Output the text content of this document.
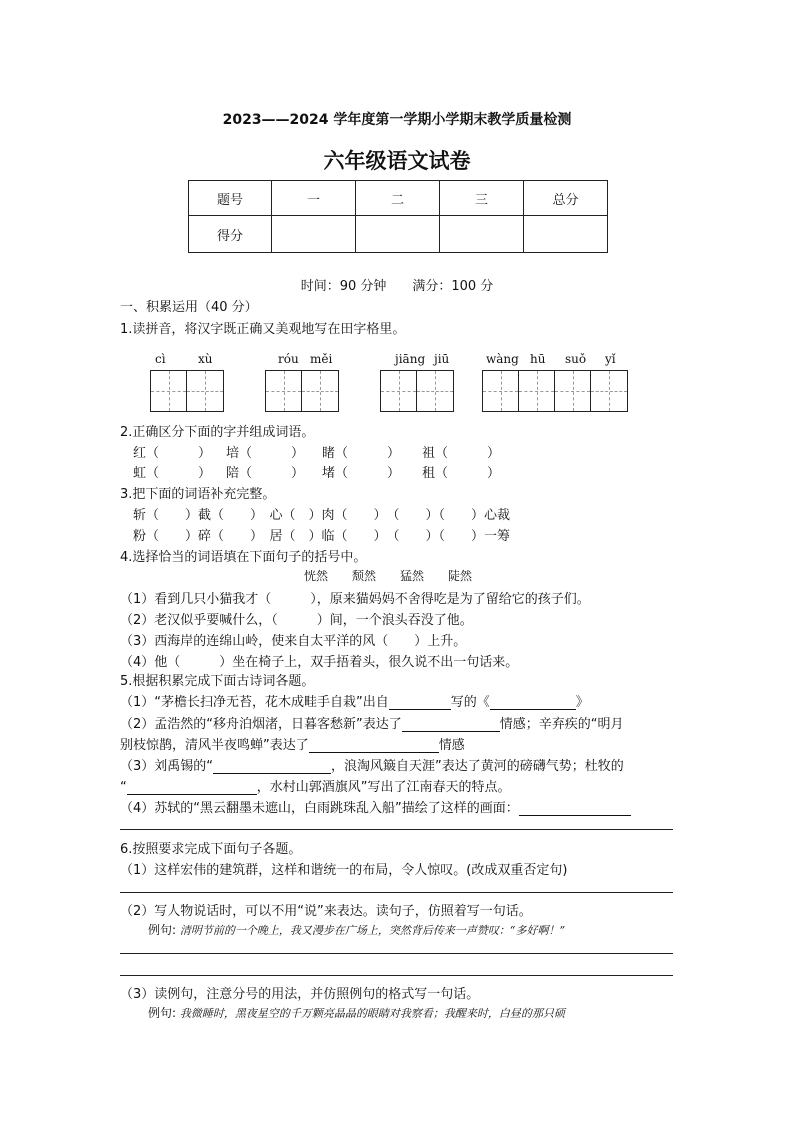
2023——2024 学年度第一学期小学期末教学质量检测
六年级语文试卷
题号	一	二	三	总分
得分				
时间：90 分钟　　满分：100 分
一、积累运用（40 分）
1.读拼音，将汉字既正确又美观地写在田字格里。
cì	xù	róu měi	jiāng jiū	wàng hū suǒ yǐ
2.正确区分下面的字并组成词语。
红（　　　） 培（　　　） 睹（　　　） 祖（　　　）
虹（　　　） 陪（　　　） 堵（　　　） 租（　　　）
3.把下面的词语补充完整。
斩（　　）截（　　）　心（　）肉（　　）　（　　）（　　）心裁
粉（　　）碎（　　）　居（　）临（　　）　（　　）（　　）一筹
4.选择恰当的词语填在下面句子的括号中。
恍然　　颓然　　猛然　　陡然
（1）看到几只小猫我才（　　　），原来猫妈妈不舍得吃是为了留给它的孩子们。
（2）老汉似乎要喊什么，（　　　）间，一个浪头吞没了他。
（3）西海岸的连绵山岭，使来自太平洋的风（　　）上升。
（4）他（　　　）坐在椅子上，双手捂着头，很久说不出一句话来。
5.根据积累完成下面古诗词各题。
（1）“茅檐长扫净无苔，花木成畦手自栽”出自	写的《	》
（2）孟浩然的“移舟泊烟渚，日暮客愁新”表达了	情感；辛弃疾的“明月
别枝惊鹊，清风半夜鸣蝉”表达了	情感
（3）刘禹锡的“	，浪淘风簸自天涯”表达了黄河的磅礴气势；杜牧的
“	，水村山郭酒旗风”写出了江南春天的特点。
（4）苏轼的“黑云翻墨未遮山，白雨跳珠乱入船”描绘了这样的画面：
6.按照要求完成下面句子各题。
（1）这样宏伟的建筑群，这样和谐统一的布局，令人惊叹。(改成双重否定句)
（2）写人物说话时，可以不用“说”来表达。读句子，仿照着写一句话。
例句: 清明节前的一个晚上，我又漫步在广场上，突然背后传来一声赞叹：“多好啊！”
（3）读例句，注意分号的用法，并仿照例句的格式写一句话。
例句: 我微睡时，黑夜星空的千万颗亮晶晶的眼睛对我察看；我醒来时，白昼的那只硕
